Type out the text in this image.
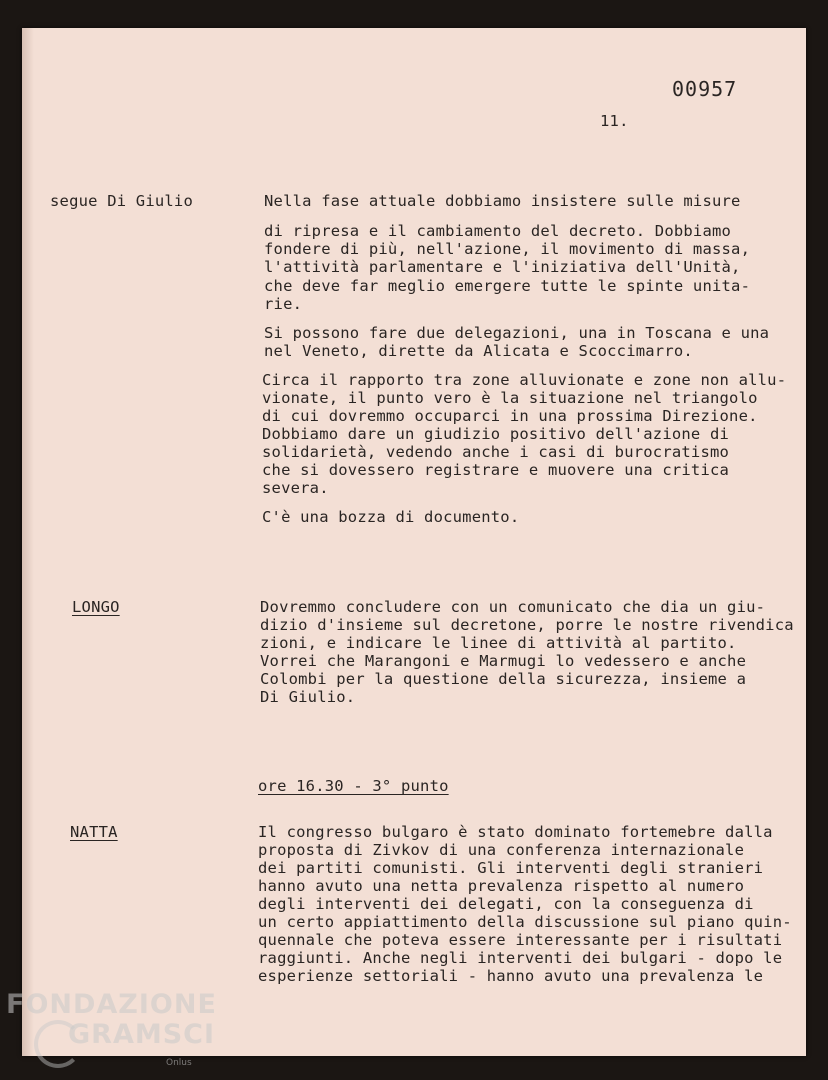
00957
11.
segue Di Giulio	Nella fase attuale dobbiamo insistere sulle misure
di ripresa e il cambiamento del decreto. Dobbiamo
fondere di più, nell'azione, il movimento di massa,
l'attività parlamentare e l'iniziativa dell'Unità,
che deve far meglio emergere tutte le spinte unita-
rie.
Si possono fare due delegazioni, una in Toscana e una
nel Veneto, dirette da Alicata e Scoccimarro.
Circa il rapporto tra zone alluvionate e zone non allu-
vionate, il punto vero è la situazione nel triangolo
di cui dovremmo occuparci in una prossima Direzione.
Dobbiamo dare un giudizio positivo dell'azione di
solidarietà, vedendo anche i casi di burocratismo
che si dovessero registrare e muovere una critica
severa.
C'è una bozza di documento.
LONGO	Dovremmo concludere con un comunicato che dia un giu-
dizio d'insieme sul decretone, porre le nostre rivendica
zioni, e indicare le linee di attività al partito.
Vorrei che Marangoni e Marmugi lo vedessero e anche
Colombi per la questione della sicurezza, insieme a
Di Giulio.
ore 16.30 - 3° punto
NATTA	Il congresso bulgaro è stato dominato fortemebre dalla
proposta di Zivkov di una conferenza internazionale
dei partiti comunisti. Gli interventi degli stranieri
hanno avuto una netta prevalenza rispetto al numero
degli interventi dei delegati, con la conseguenza di
un certo appiattimento della discussione sul piano quin-
quennale che poteva essere interessante per i risultati
raggiunti. Anche negli interventi dei bulgari - dopo le
esperienze settoriali - hanno avuto una prevalenza le
FONDAZIONE
GRAMSCI
Onlus
